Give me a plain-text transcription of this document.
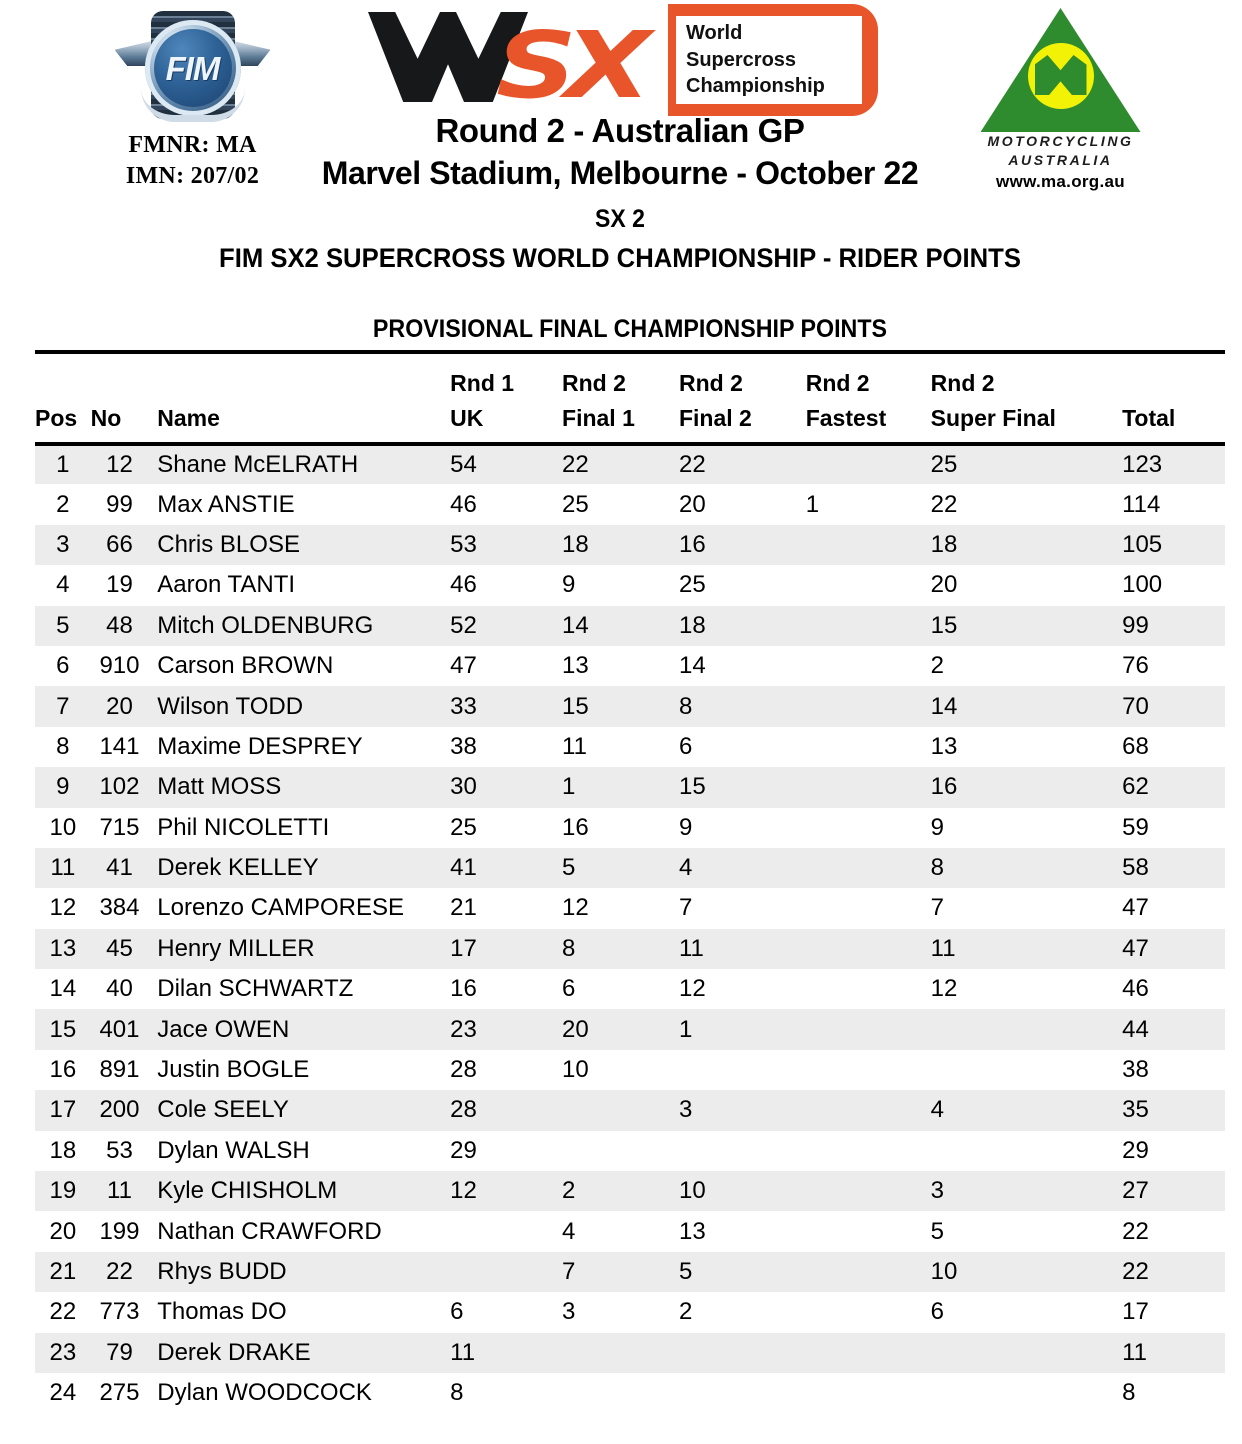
FIM
FMNR: MA
IMN: 207/02
SX World
Supercross
Championship
Round 2 - Australian GP
Marvel Stadium, Melbourne - October 22
SX 2
FIM SX2 SUPERCROSS WORLD CHAMPIONSHIP - RIDER POINTS
MOTORCYCLING
AUSTRALIA
www.ma.org.au
PROVISIONAL FINAL CHAMPIONSHIP POINTS
			Rnd 1	Rnd 2	Rnd 2	Rnd 2	Rnd 2	
Pos	No	Name	UK	Final 1	Final 2	Fastest	Super Final	Total
1	12	Shane McELRATH	54	22	22		25	123
2	99	Max ANSTIE	46	25	20	1	22	114
3	66	Chris BLOSE	53	18	16		18	105
4	19	Aaron TANTI	46	9	25		20	100
5	48	Mitch OLDENBURG	52	14	18		15	99
6	910	Carson BROWN	47	13	14		2	76
7	20	Wilson TODD	33	15	8		14	70
8	141	Maxime DESPREY	38	11	6		13	68
9	102	Matt MOSS	30	1	15		16	62
10	715	Phil NICOLETTI	25	16	9		9	59
11	41	Derek KELLEY	41	5	4		8	58
12	384	Lorenzo CAMPORESE	21	12	7		7	47
13	45	Henry MILLER	17	8	11		11	47
14	40	Dilan SCHWARTZ	16	6	12		12	46
15	401	Jace OWEN	23	20	1			44
16	891	Justin BOGLE	28	10				38
17	200	Cole SEELY	28		3		4	35
18	53	Dylan WALSH	29					29
19	11	Kyle CHISHOLM	12	2	10		3	27
20	199	Nathan CRAWFORD		4	13		5	22
21	22	Rhys BUDD		7	5		10	22
22	773	Thomas DO	6	3	2		6	17
23	79	Derek DRAKE	11					11
24	275	Dylan WOODCOCK	8					8
